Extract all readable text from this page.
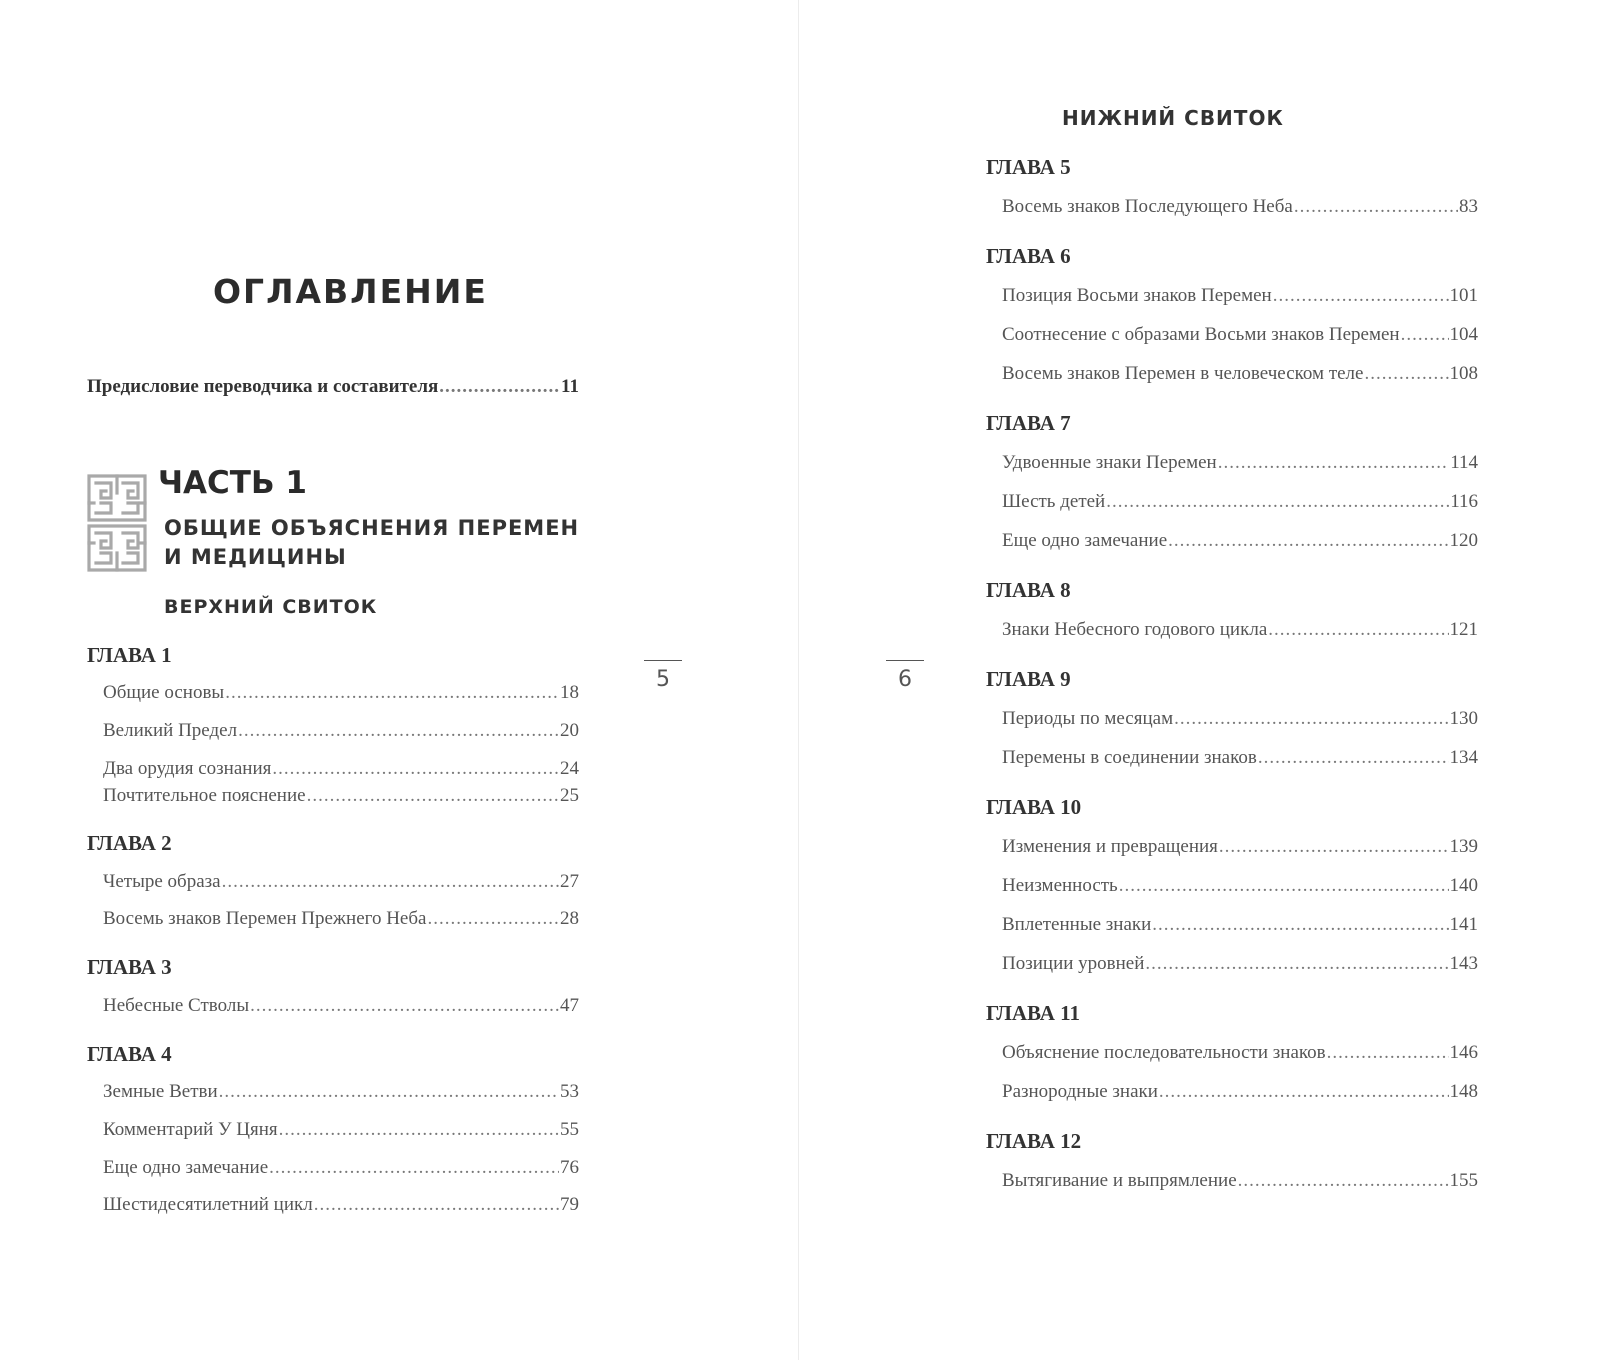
ОГЛАВЛЕНИЕ
Предисловие переводчика и составителя .....	11
ЧАСТЬ 1
ОБЩИЕ ОБЪЯСНЕНИЯ ПЕРЕМЕН
И МЕДИЦИНЫ
ВЕРХНИЙ СВИТОК
ГЛАВА 1
Общие основы .....	18
Великий Предел .....	20
Два орудия сознания .....	24
Почтительное пояснение .....	25
ГЛАВА 2
Четыре образа .....	27
Восемь знаков Перемен Прежнего Неба .....	28
ГЛАВА 3
Небесные Стволы .....	47
ГЛАВА 4
Земные Ветви .....	53
Комментарий У Цяня .....	55
Еще одно замечание .....	76
Шестидесятилетний цикл .....	79
5
НИЖНИЙ СВИТОК
6
ГЛАВА 5
Восемь знаков Последующего Неба .....	83
ГЛАВА 6
Позиция Восьми знаков Перемен .....	101
Соотнесение с образами Восьми знаков Перемен .....	104
Восемь знаков Перемен в человеческом теле .....	108
ГЛАВА 7
Удвоенные знаки Перемен .....	114
Шесть детей .....	116
Еще одно замечание .....	120
ГЛАВА 8
Знаки Небесного годового цикла .....	121
ГЛАВА 9
Периоды по месяцам .....	130
Перемены в соединении знаков .....	134
ГЛАВА 10
Изменения и превращения .....	139
Неизменность .....	140
Вплетенные знаки .....	141
Позиции уровней .....	143
ГЛАВА 11
Объяснение последовательности знаков .....	146
Разнородные знаки .....	148
ГЛАВА 12
Вытягивание и выпрямление .....	155
